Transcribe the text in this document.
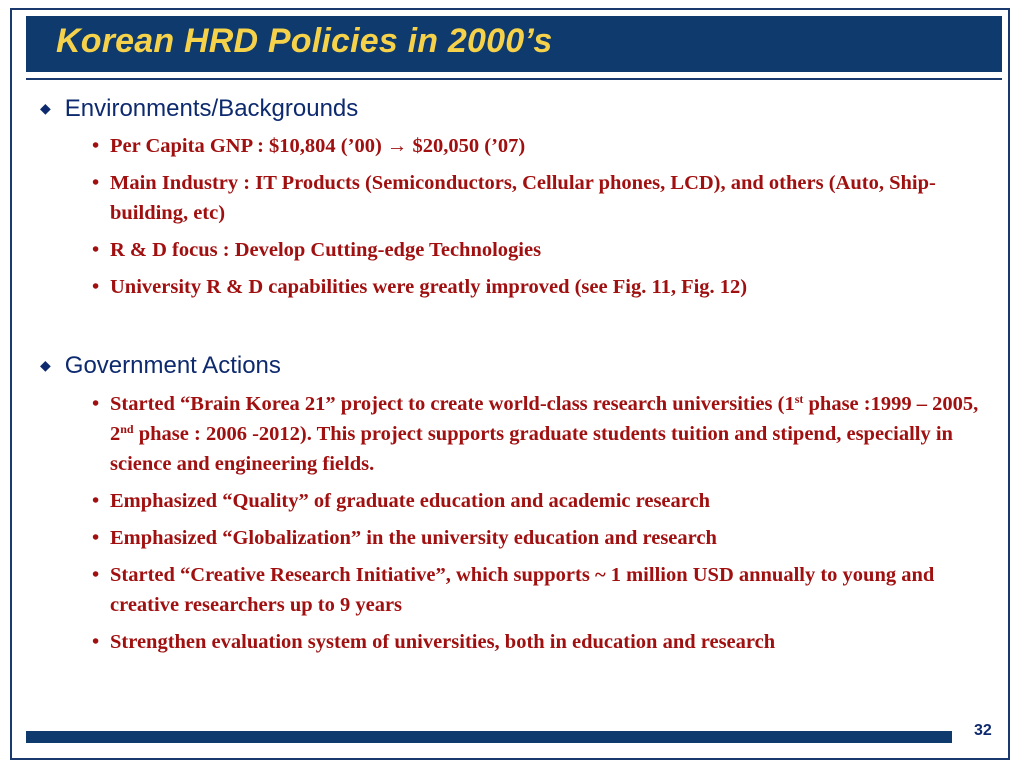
Korean HRD Policies in 2000’s
◆ Environments/Backgrounds
• Per Capita GNP : $10,804 (’00) → $20,050 (’07)
• Main Industry : IT Products (Semiconductors, Cellular phones, LCD), and others (Auto, Ship-building, etc)
• R & D focus : Develop Cutting-edge Technologies
• University R & D capabilities were greatly improved (see Fig. 11, Fig. 12)
◆ Government Actions
• Started “Brain Korea 21” project to create world-class research universities (1st phase :1999 – 2005, 2nd phase : 2006 -2012). This project supports graduate students tuition and stipend, especially in science and engineering fields.
• Emphasized “Quality” of graduate education and academic research
• Emphasized “Globalization” in the university education and research
• Started “Creative Research Initiative”, which supports ~ 1 million USD annually to young and creative researchers up to 9 years
• Strengthen evaluation system of universities, both in education and research
32
